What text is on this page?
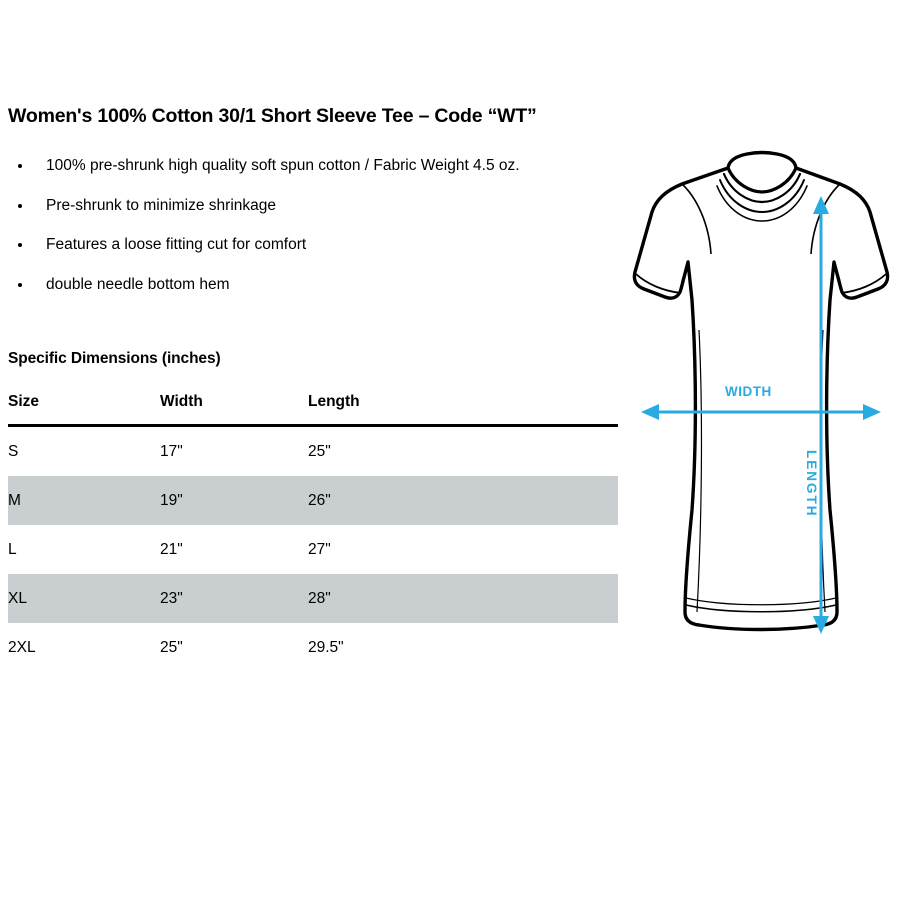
Women's 100% Cotton 30/1 Short Sleeve Tee – Code “WT”
100% pre-shrunk high quality soft spun cotton / Fabric Weight 4.5 oz.
Pre-shrunk to minimize shrinkage
Features a loose fitting cut for comfort
double needle bottom hem
Specific Dimensions (inches)
Size	Width	Length
S	17"	25"
M	19"	26"
L	21"	27"
XL	23"	28"
2XL	25"	29.5"
WIDTH
LENGTH
